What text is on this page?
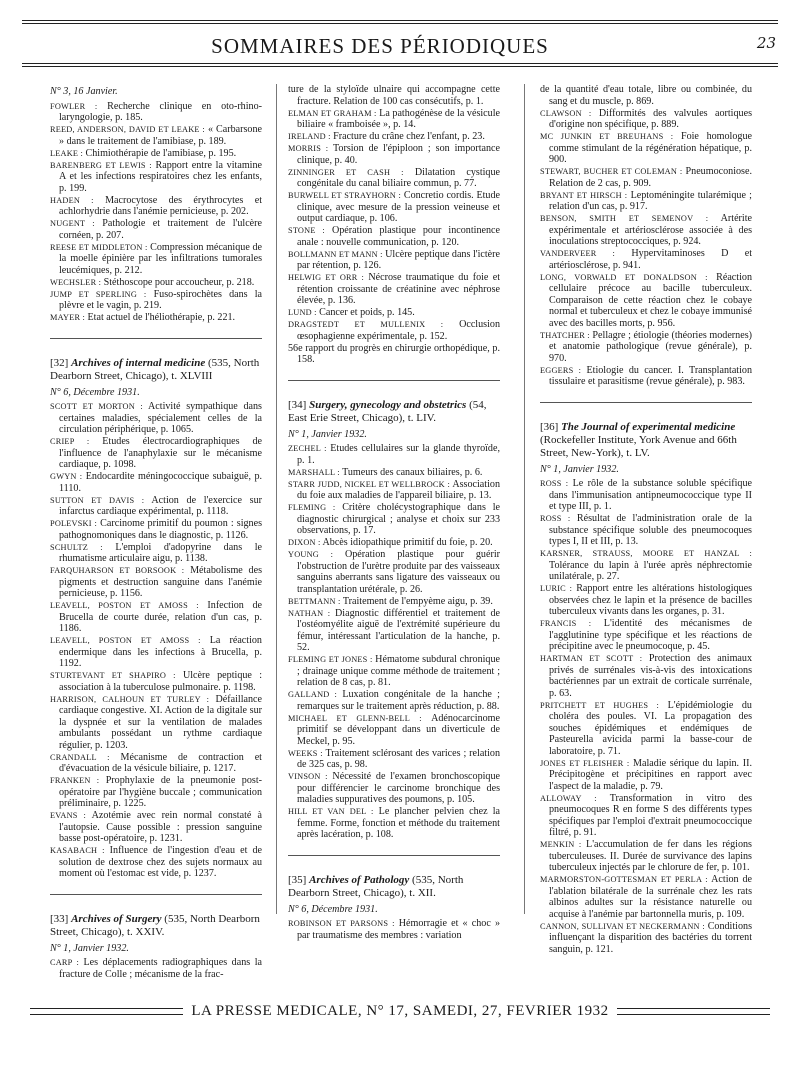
SOMMAIRES DES PÉRIODIQUES	23
N° 3, 16 Janvier.
FOWLER : Recherche clinique en oto-rhino-laryngologie, p. 185.
REED, ANDERSON, DAVID ET LEAKE : « Carbarsone » dans le traitement de l'amibiase, p. 189.
LEAKE : Chimiothérapie de l'amibiase, p. 195.
BARENBERG ET LEWIS : Rapport entre la vitamine A et les infections respiratoires chez les enfants, p. 199.
HADEN : Macrocytose des érythrocytes et achlorhydrie dans l'anémie pernicieuse, p. 202.
NUGENT : Pathologie et traitement de l'ulcère cornéen, p. 207.
REESE ET MIDDLETON : Compression mécanique de la moelle épinière par les infiltrations tumorales leucémiques, p. 212.
WECHSLER : Stéthoscope pour accoucheur, p. 218.
JUMP ET SPERLING : Fuso-spirochètes dans la plèvre et le vagin, p. 219.
MAYER : Etat actuel de l'héliothérapie, p. 221.
[32] Archives of internal medicine (535, North Dearborn Street, Chicago), t. XLVIII
N° 6, Décembre 1931.
SCOTT ET MORTON : Activité sympathique dans certaines maladies, spécialement celles de la circulation périphérique, p. 1065.
CRIEP : Etudes électrocardiographiques de l'influence de l'anaphylaxie sur le mécanisme cardiaque, p. 1098.
GWYN : Endocardite méningococcique subaiguë, p. 1110.
SUTTON ET DAVIS : Action de l'exercice sur infarctus cardiaque expérimental, p. 1118.
POLEVSKI : Carcinome primitif du poumon : signes pathognomoniques dans le diagnostic, p. 1126.
SCHULTZ : L'emploi d'adopyrine dans le rhumatisme articulaire aigu, p. 1138.
FARQUHARSON ET BORSOOK : Métabolisme des pigments et destruction sanguine dans l'anémie pernicieuse, p. 1156.
LEAVELL, POSTON ET AMOSS : Infection de Brucella de courte durée, relation d'un cas, p. 1186.
LEAVELL, POSTON ET AMOSS : La réaction endermique dans les infections à Brucella, p. 1192.
STURTEVANT ET SHAPIRO : Ulcère peptique : association à la tuberculose pulmonaire. p. 1198.
HARRISON, CALHOUN ET TURLEY : Défaillance cardiaque congestive. XI. Action de la digitale sur la dyspnée et sur la ventilation de malades ambulants possédant un rythme cardiaque régulier, p. 1203.
CRANDALL : Mécanisme de contraction et d'évacuation de la vésicule biliaire, p. 1217.
FRANKEN : Prophylaxie de la pneumonie post-opératoire par l'hygiène buccale ; communication préliminaire, p. 1225.
EVANS : Azotémie avec rein normal constaté à l'autopsie. Cause possible : pression sanguine basse post-opératoire, p. 1231.
KASABACH : Influence de l'ingestion d'eau et de solution de dextrose chez des sujets normaux au moment où l'estomac est vide, p. 1237.
[33] Archives of Surgery (535, North Dearborn Street, Chicago), t. XXIV.
N° 1, Janvier 1932.
CARP : Les déplacements radiographiques dans la fracture de Colle ; mécanisme de la frac-
ture de la styloïde ulnaire qui accompagne cette fracture. Relation de 100 cas consécutifs, p. 1.
ELMAN ET GRAHAM : La pathogénèse de la vésicule biliaire « framboisée », p. 14.
IRELAND : Fracture du crâne chez l'enfant, p. 23.
MORRIS : Torsion de l'épiploon ; son importance clinique, p. 40.
ZINNINGER ET CASH : Dilatation cystique congénitale du canal biliaire commun, p. 77.
BURWELL ET STRAYHORN : Concretio cordis. Etude clinique, avec mesure de la pression veineuse et output cardiaque, p. 106.
STONE : Opération plastique pour incontinence anale : nouvelle communication, p. 120.
BOLLMANN ET MANN : Ulcère peptique dans l'ictère par rétention, p. 126.
HELWIG ET ORR : Nécrose traumatique du foie et rétention croissante de créatinine avec néphrose élevée, p. 136.
LUND : Cancer et poids, p. 145.
DRAGSTEDT ET MULLENIX : Occlusion œsophagienne expérimentale, p. 152.
56e rapport du progrès en chirurgie orthopédique, p. 158.
[34] Surgery, gynecology and obstetrics (54, East Erie Street, Chicago), t. LIV.
N° 1, Janvier 1932.
ZECHEL : Etudes cellulaires sur la glande thyroïde, p. 1.
MARSHALL : Tumeurs des canaux biliaires, p. 6.
STARR JUDD, NICKEL ET WELLBROCK : Association du foie aux maladies de l'appareil biliaire, p. 13.
FLEMING : Critère cholécystographique dans le diagnostic chirurgical ; analyse et choix sur 233 observations, p. 17.
DIXON : Abcès idiopathique primitif du foie, p. 20.
YOUNG : Opération plastique pour guérir l'obstruction de l'urètre produite par des vaisseaux sanguins aberrants sans ligature des vaisseaux ou transplantation urétérale, p. 26.
BETTMANN : Traitement de l'empyème aigu, p. 39.
NATHAN : Diagnostic différentiel et traitement de l'ostéomyélite aiguë de l'extrémité supérieure du fémur, intéressant l'articulation de la hanche, p. 52.
FLEMING ET JONES : Hématome subdural chronique ; drainage unique comme méthode de traitement ; relation de 8 cas, p. 81.
GALLAND : Luxation congénitale de la hanche ; remarques sur le traitement après réduction, p. 88.
MICHAEL ET GLENN-BELL : Adénocarcinome primitif se développant dans un diverticule de Meckel, p. 95.
WEEKS : Traitement sclérosant des varices ; relation de 325 cas, p. 98.
VINSON : Nécessité de l'examen bronchoscopique pour différencier le carcinome bronchique des maladies suppuratives des poumons, p. 105.
HILL ET VAN DEL : Le plancher pelvien chez la femme. Forme, fonction et méthode du traitement après lacération, p. 108.
[35] Archives of Pathology (535, North Dearborn Street, Chicago), t. XII.
N° 6, Décembre 1931.
ROBINSON ET PARSONS : Hémorragie et « choc » par traumatisme des membres : variation
de la quantité d'eau totale, libre ou combinée, du sang et du muscle, p. 869.
CLAWSON : Difformités des valvules aortiques d'origine non spécifique, p. 889.
MC JUNKIN ET BREUHANS : Foie homologue comme stimulant de la régénération hépatique, p. 900.
STEWART, BUCHER ET COLEMAN : Pneumoconiose. Relation de 2 cas, p. 909.
BRYANT ET HIRSCH : Leptoméningite tularémique ; relation d'un cas, p. 917.
BENSON, SMITH ET SEMENOV : Artérite expérimentale et artériosclérose associée à des inoculations streptococciques, p. 924.
VANDERVEER : Hypervitaminoses D et artériosclérose, p. 941.
LONG, VORWALD ET DONALDSON : Réaction cellulaire précoce au bacille tuberculeux. Comparaison de cette réaction chez le cobaye normal et tuberculeux et chez le cobaye immunisé avec des bacilles morts, p. 956.
THATCHER : Pellagre ; étiologie (théories modernes) et anatomie pathologique (revue générale), p. 970.
EGGERS : Etiologie du cancer. I. Transplantation tissulaire et parasitisme (revue générale), p. 983.
[36] The Journal of experimental medicine (Rockefeller Institute, York Avenue and 66th Street, New-York), t. LV.
N° 1, Janvier 1932.
ROSS : Le rôle de la substance soluble spécifique dans l'immunisation antipneumococcique type II et type III, p. 1.
ROSS : Résultat de l'administration orale de la substance spécifique soluble des pneumocoques types I, II et III, p. 13.
KARSNER, STRAUSS, MOORE ET HANZAL : Tolérance du lapin à l'urée après néphrectomie unilatérale, p. 27.
LURIC : Rapport entre les altérations histologiques observées chez le lapin et la présence de bacilles tuberculeux vivants dans les organes, p. 31.
FRANCIS : L'identité des mécanismes de l'agglutinine type spécifique et les réactions de précipitine avec le pneumocoque, p. 45.
HARTMAN ET SCOTT : Protection des animaux privés de surrénales vis-à-vis des intoxications bactériennes par un extrait de corticale surrénale, p. 63.
PRITCHETT ET HUGHES : L'épidémiologie du choléra des poules. VI. La propagation des souches épidémiques et endémiques de Pasteurella avicida parmi la basse-cour de laboratoire, p. 71.
JONES ET FLEISHER : Maladie sérique du lapin. II. Précipitogène et précipitines en rapport avec l'aspect de la maladie, p. 79.
ALLOWAY : Transformation in vitro des pneumocoques R en forme S des différents types spécifiques par l'emploi d'extrait pneumococcique filtré, p. 91.
MENKIN : L'accumulation de fer dans les régions tuberculeuses. II. Durée de survivance des lapins tuberculeux injectés par le chlorure de fer, p. 101.
MARMORSTON-GOTTESMAN ET PERLA : Action de l'ablation bilatérale de la surrénale chez les rats albinos adultes sur la résistance naturelle ou acquise à l'anémie par bartonnella muris, p. 109.
CANNON, SULLIVAN ET NECKERMANN : Conditions influençant la disparition des bactéries du torrent sanguin, p. 121.
LA PRESSE MEDICALE, N° 17, SAMEDI, 27, FEVRIER 1932
